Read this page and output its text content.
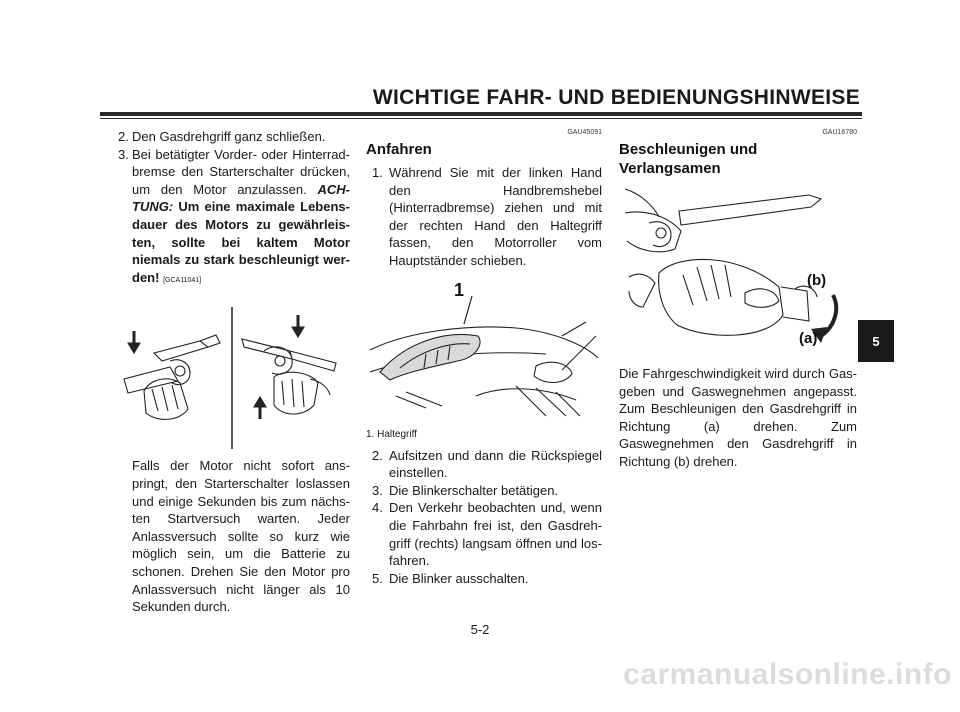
WICHTIGE FAHR- UND BEDIENUNGSHINWEISE
2. Den Gasdrehgriff ganz schließen.
3. Bei betätigter Vorder- oder Hinterrad-bremse den Starterschalter drücken, um den Motor anzulassen. ACH-TUNG: Um eine maximale Lebens-dauer des Motors zu gewährleis-ten, sollte bei kaltem Motor niemals zu stark beschleunigt wer-den! [GCA11041]

Falls der Motor nicht sofort ans-pringt, den Starterschalter loslassen und einige Sekunden bis zum nächs-ten Startversuch warten. Jeder Anlassversuch sollte so kurz wie möglich sein, um die Batterie zu schonen. Drehen Sie den Motor pro Anlassversuch nicht länger als 10 Sekunden durch.

GAU45091
Anfahren
1. Während Sie mit der linken Hand den Handbremshebel (Hinterradbremse) ziehen und mit der rechten Hand den Haltegriff fassen, den Motorroller vom Hauptständer schieben.
1
1. Haltegriff
2. Aufsitzen und dann die Rückspiegel einstellen.
3. Die Blinkerschalter betätigen.
4. Den Verkehr beobachten und, wenn die Fahrbahn frei ist, den Gasdreh-griff (rechts) langsam öffnen und los-fahren.
5. Die Blinker ausschalten.
GAU16780
Beschleunigen und Verlangsamen
(b)
(a)

Die Fahrgeschwindigkeit wird durch Gas-geben und Gaswegnehmen angepasst. Zum Beschleunigen den Gasdrehgriff in Richtung (a) drehen. Zum Gaswegnehmen den Gasdrehgriff in Richtung (b) drehen.

5
5-2
carmanualsonline.info
